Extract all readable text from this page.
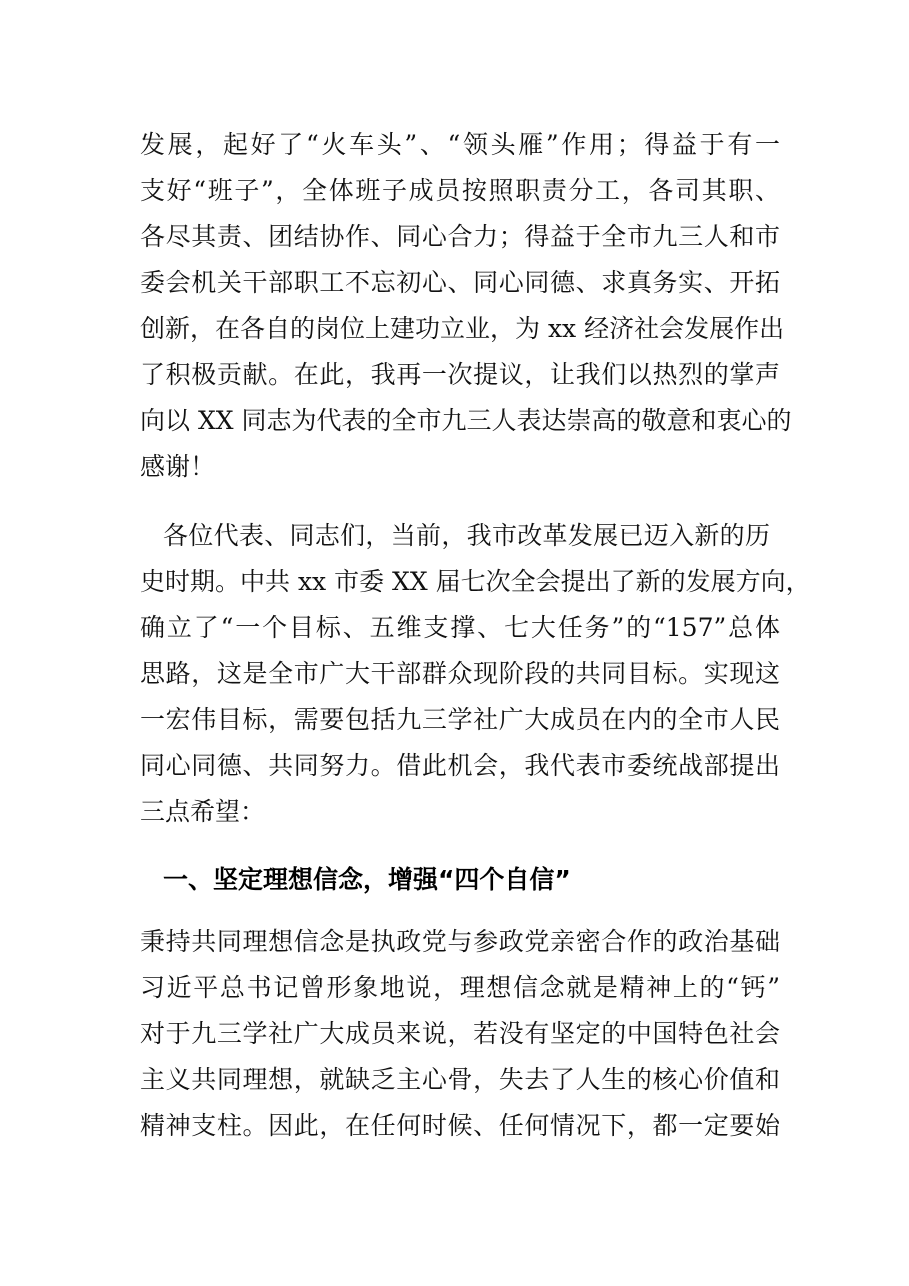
发展，起好了“火车头”、“领头雁”作用；得益于有一
支好“班子”，全体班子成员按照职责分工，各司其职、
各尽其责、团结协作、同心合力；得益于全市九三人和市
委会机关干部职工不忘初心、同心同德、求真务实、开拓
创新，在各自的岗位上建功立业，为 xx 经济社会发展作出
了积极贡献。在此，我再一次提议，让我们以热烈的掌声
向以 XX 同志为代表的全市九三人表达崇高的敬意和衷心的
感谢！
各位代表、同志们，当前，我市改革发展已迈入新的历
史时期。中共 xx 市委 XX 届七次全会提出了新的发展方向，
确立了“一个目标、五维支撑、七大任务”的“157”总体
思路，这是全市广大干部群众现阶段的共同目标。实现这
一宏伟目标，需要包括九三学社广大成员在内的全市人民
同心同德、共同努力。借此机会，我代表市委统战部提出
三点希望：
一、坚定理想信念，增强“四个自信”
秉持共同理想信念是执政党与参政党亲密合作的政治基础
习近平总书记曾形象地说，理想信念就是精神上的“钙”
对于九三学社广大成员来说，若没有坚定的中国特色社会
主义共同理想，就缺乏主心骨，失去了人生的核心价值和
精神支柱。因此，在任何时候、任何情况下，都一定要始
